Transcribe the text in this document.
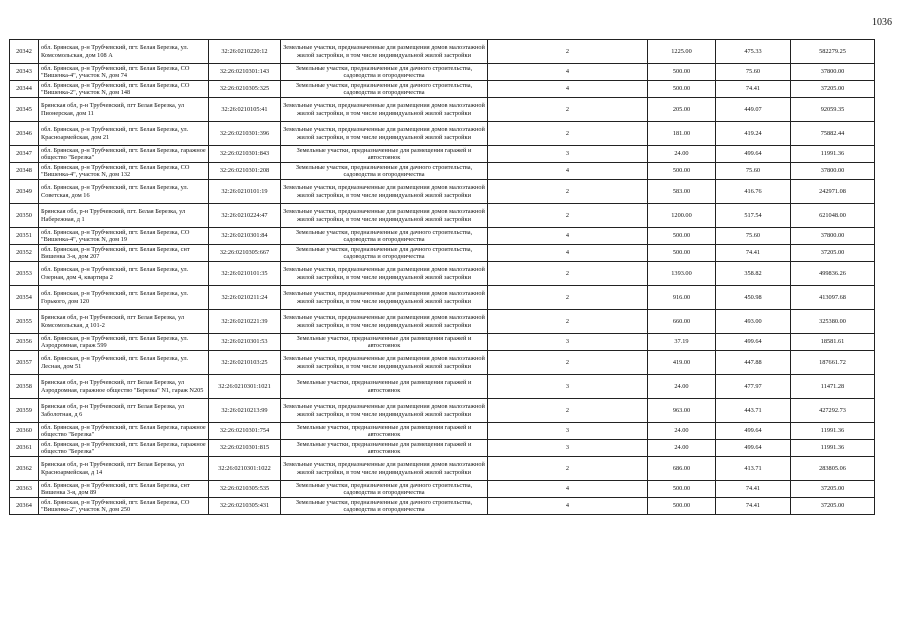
1036
20342	обл. Брянская, р-н Трубчевский, пгт. Белая Березка, ул. Комсомольская, дом 108 А	32:26:0210220:12	Земельные участки, предназначенные для размещения домов малоэтажной жилой застройки, в том числе индивидуальной жилой застройки	2	1225.00	475.33	582279.25
20343	обл. Брянская, р-н Трубчевский, пгт. Белая Березка, СО "Вишенка-4", участок N, дом 74	32:26:0210301:143	Земельные участки, предназначенные для дачного строительства, садоводства и огородничества	4	500.00	75.60	37800.00
20344	обл. Брянская, р-н Трубчевский, пгт. Белая Березка, СО "Вишенка-2", участок N, дом 148	32:26:0210305:325	Земельные участки, предназначенные для дачного строительства, садоводства и огородничества	4	500.00	74.41	37205.00
20345	Брянская обл, р-н Трубчевский, пгт Белая Березка, ул Пионерская, дом 11	32:26:0210105:41	Земельные участки, предназначенные для размещения домов малоэтажной жилой застройки, в том числе индивидуальной жилой застройки	2	205.00	449.07	92059.35
20346	обл. Брянская, р-н Трубчевский, пгт. Белая Березка, ул. Красноармейская, дом 21	32:26:0210301:396	Земельные участки, предназначенные для размещения домов малоэтажной жилой застройки, в том числе индивидуальной жилой застройки	2	181.00	419.24	75882.44
20347	обл. Брянская, р-н Трубчевский, пгт. Белая Березка, гаражное общество "Березка"	32:26:0210301:843	Земельные участки, предназначенные для размещения гаражей и автостоянок	3	24.00	499.64	11991.36
20348	обл. Брянская, р-н Трубчевский, пгт. Белая Березка, СО "Вишенка-4", участок N, дом 132	32:26:0210301:208	Земельные участки, предназначенные для дачного строительства, садоводства и огородничества	4	500.00	75.60	37800.00
20349	обл. Брянская, р-н Трубчевский, пгт. Белая Березка, ул. Советская, дом 16	32:26:0210101:19	Земельные участки, предназначенные для размещения домов малоэтажной жилой застройки, в том числе индивидуальной жилой застройки	2	583.00	416.76	242971.08
20350	Брянская обл, р-н Трубчевский, пгт. Белая Березка, ул Набережная, д 1	32:26:0210224:47	Земельные участки, предназначенные для размещения домов малоэтажной жилой застройки, в том числе индивидуальной жилой застройки	2	1200.00	517.54	621048.00
20351	обл. Брянская, р-н Трубчевский, пгт. Белая Березка, СО "Вишенка-4", участок N, дом 19	32:26:0210301:84	Земельные участки, предназначенные для дачного строительства, садоводства и огородничества	4	500.00	75.60	37800.00
20352	обл. Брянская, р-н Трубчевский, пгт. Белая Березка, снт Вишенка 3-я, дом 207	32:26:0210305:667	Земельные участки, предназначенные для дачного строительства, садоводства и огородничества	4	500.00	74.41	37205.00
20353	обл. Брянская, р-н Трубчевский, пгт. Белая Березка, ул. Озерная, дом 4, квартира 2	32:26:0210101:35	Земельные участки, предназначенные для размещения домов малоэтажной жилой застройки, в том числе индивидуальной жилой застройки	2	1393.00	358.82	499836.26
20354	обл. Брянская, р-н Трубчевский, пгт. Белая Березка, ул. Горького, дом 120	32:26:0210211:24	Земельные участки, предназначенные для размещения домов малоэтажной жилой застройки, в том числе индивидуальной жилой застройки	2	916.00	450.98	413097.68
20355	Брянская обл, р-н Трубчевский, пгт Белая Березка, ул Комсомольская, д 101-2	32:26:0210221:39	Земельные участки, предназначенные для размещения домов малоэтажной жилой застройки, в том числе индивидуальной жилой застройки	2	660.00	493.00	325380.00
20356	обл. Брянская, р-н Трубчевский, пгт. Белая Березка, ул. Аэродромная, гараж 599	32:26:0210301:53	Земельные участки, предназначенные для размещения гаражей и автостоянок	3	37.19	499.64	18581.61
20357	обл. Брянская, р-н Трубчевский, пгт. Белая Березка, ул. Лесная, дом 51	32:26:0210103:25	Земельные участки, предназначенные для размещения домов малоэтажной жилой застройки, в том числе индивидуальной жилой застройки	2	419.00	447.88	187661.72
20358	Брянская обл, р-н Трубчевский, пгт Белая Березка, ул Аэродромная, гаражное общество "Березка" N1, гараж N205	32:26:0210301:1021	Земельные участки, предназначенные для размещения гаражей и автостоянок	3	24.00	477.97	11471.28
20359	Брянская обл, р-н Трубчевский, пгт Белая Березка, ул Заболотная, д 6	32:26:0210213:99	Земельные участки, предназначенные для размещения домов малоэтажной жилой застройки, в том числе индивидуальной жилой застройки	2	963.00	443.71	427292.73
20360	обл. Брянская, р-н Трубчевский, пгт. Белая Березка, гаражное общество "Березка"	32:26:0210301:754	Земельные участки, предназначенные для размещения гаражей и автостоянок	3	24.00	499.64	11991.36
20361	обл. Брянская, р-н Трубчевский, пгт. Белая Березка, гаражное общество "Березка"	32:26:0210301:815	Земельные участки, предназначенные для размещения гаражей и автостоянок	3	24.00	499.64	11991.36
20362	Брянская обл, р-н Трубчевский, пгт Белая Березка, ул Красноармейская, д 14	32:26:0210301:1022	Земельные участки, предназначенные для размещения домов малоэтажной жилой застройки, в том числе индивидуальной жилой застройки	2	686.00	413.71	283805.06
20363	обл. Брянская, р-н Трубчевский, пгт. Белая Березка, снт Вишенка 3-я, дом 89	32:26:0210305:535	Земельные участки, предназначенные для дачного строительства, садоводства и огородничества	4	500.00	74.41	37205.00
20364	обл. Брянская, р-н Трубчевский, пгт. Белая Березка, СО "Вишенка-2", участок N, дом 250	32:26:0210305:431	Земельные участки, предназначенные для дачного строительства, садоводства и огородничества	4	500.00	74.41	37205.00
